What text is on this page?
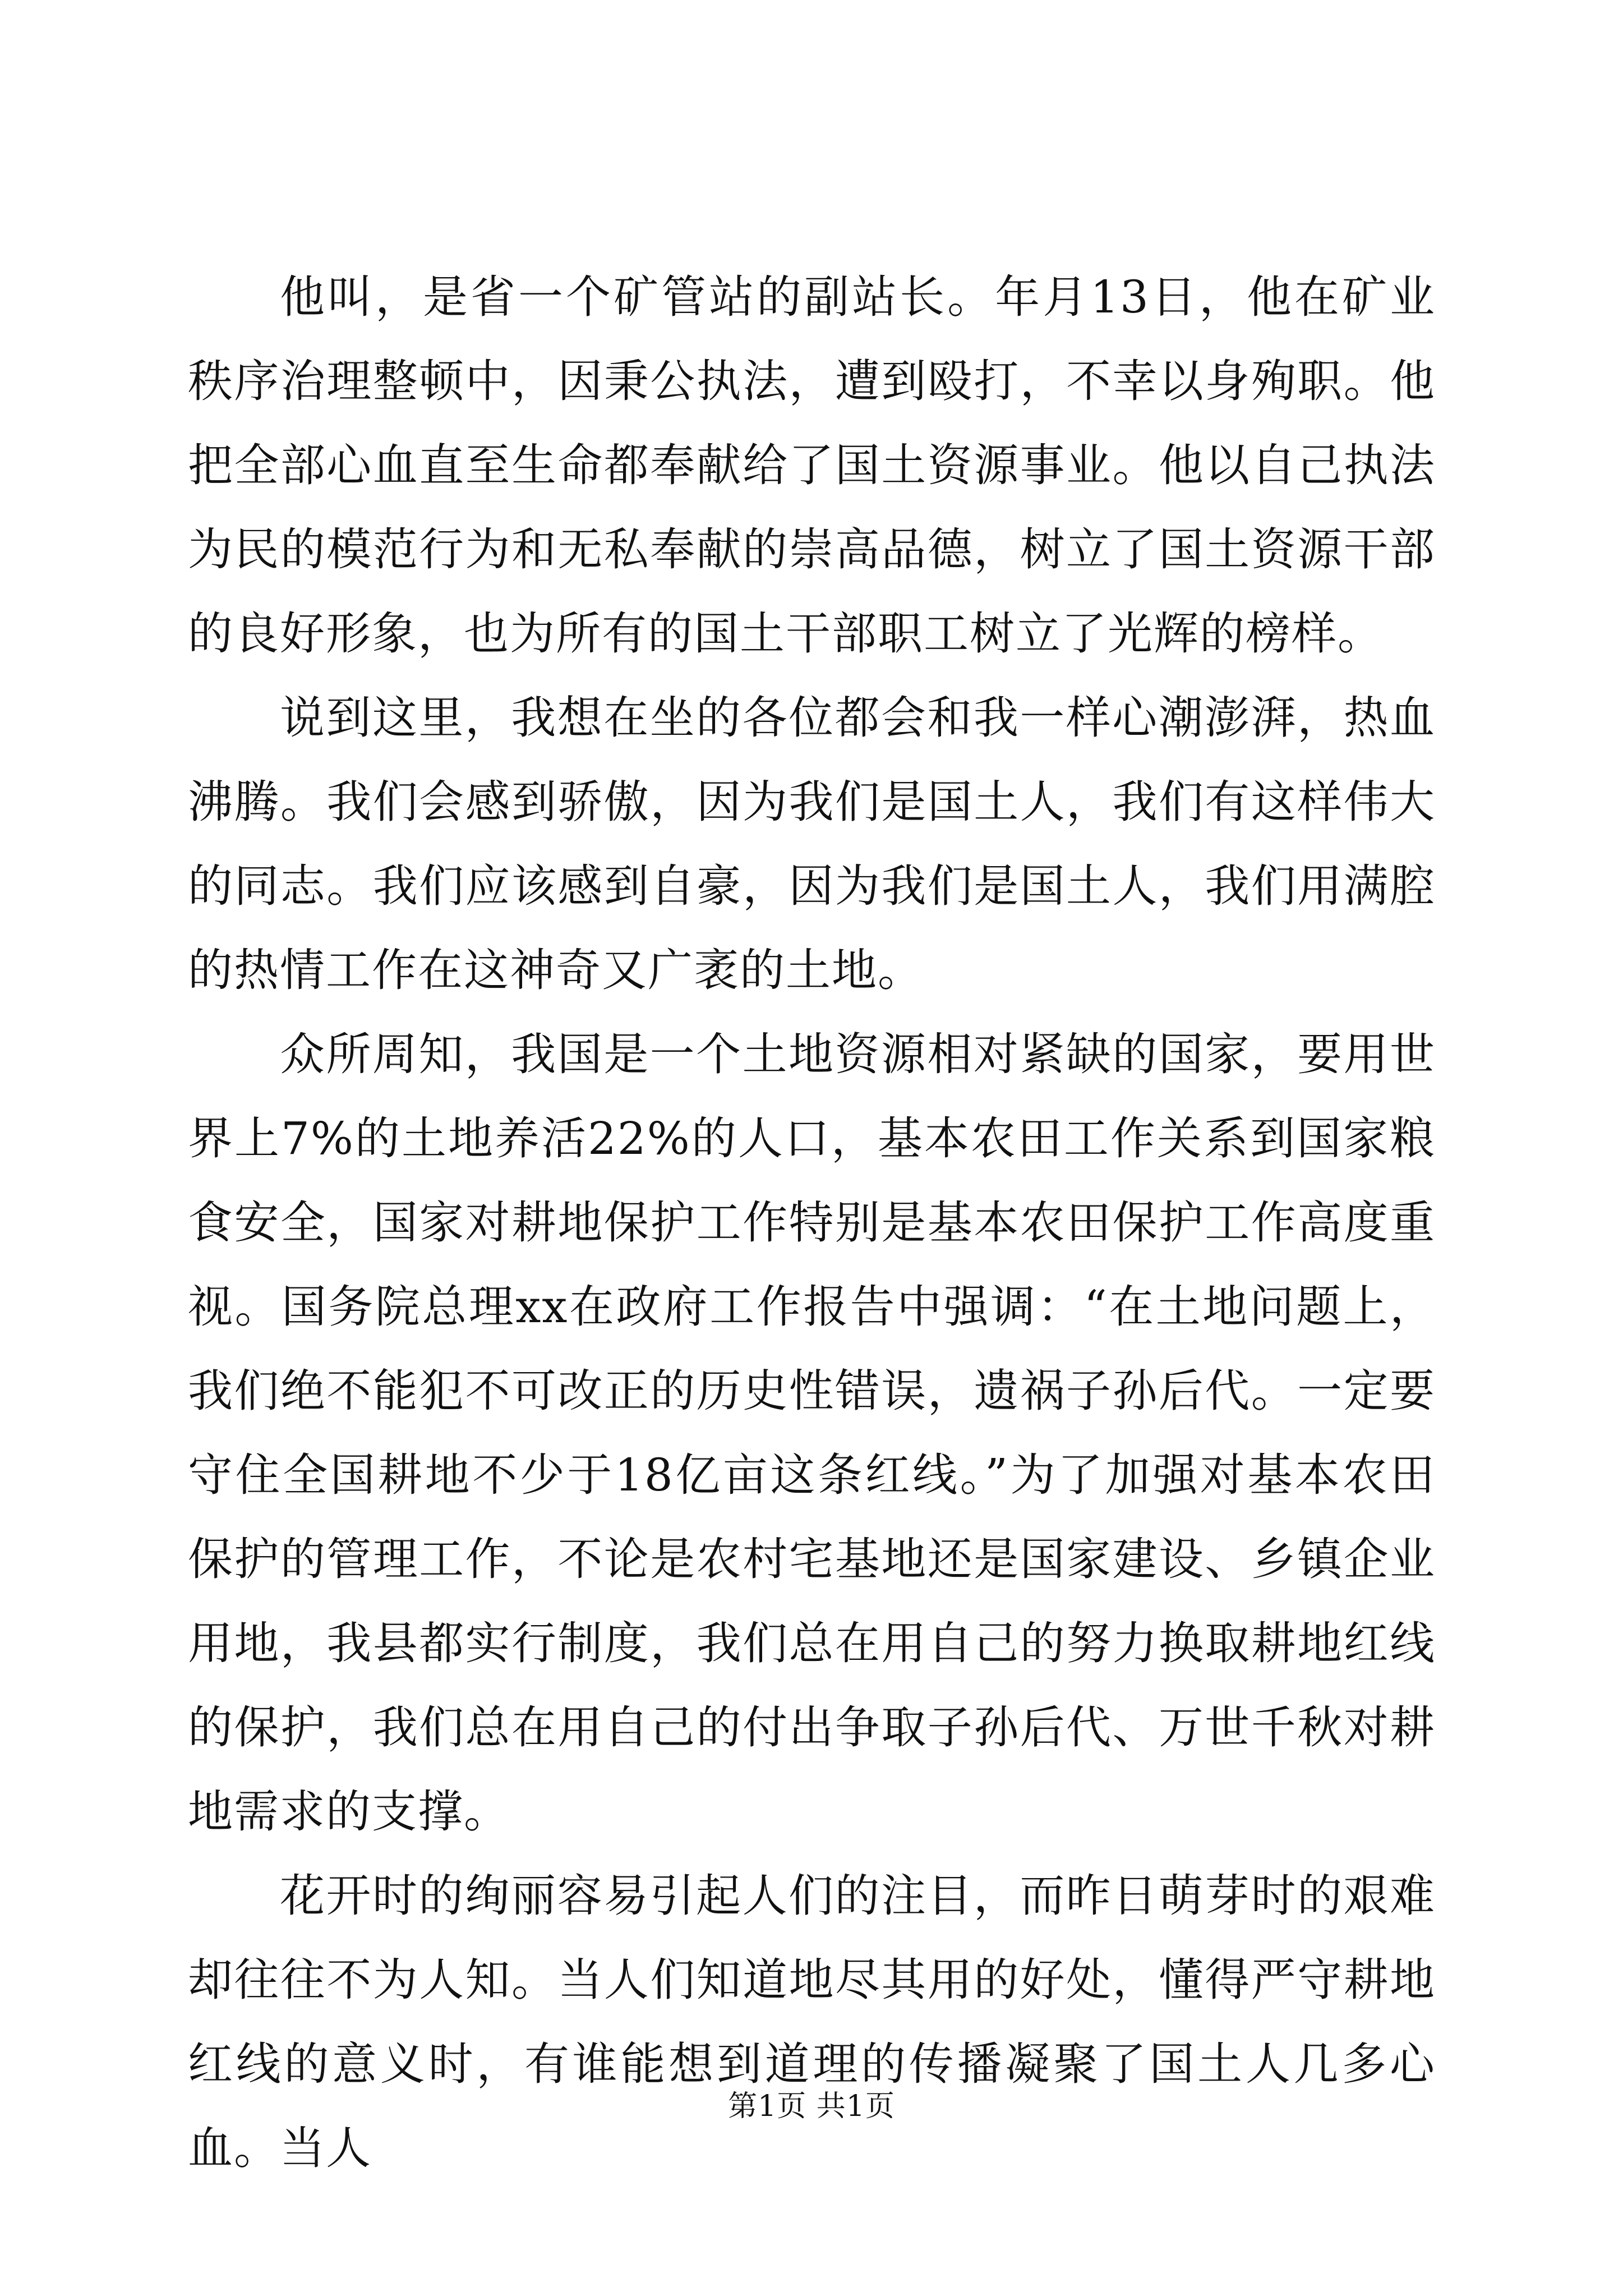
他叫，是省一个矿管站的副站长。年月13日，他在矿业秩序治理整顿中，因秉公执法，遭到殴打，不幸以身殉职。他把全部心血直至生命都奉献给了国土资源事业。他以自己执法为民的模范行为和无私奉献的崇高品德，树立了国土资源干部的良好形象，也为所有的国土干部职工树立了光辉的榜样。

说到这里，我想在坐的各位都会和我一样心潮澎湃，热血沸腾。我们会感到骄傲，因为我们是国土人，我们有这样伟大的同志。我们应该感到自豪，因为我们是国土人，我们用满腔的热情工作在这神奇又广袤的土地。

众所周知，我国是一个土地资源相对紧缺的国家，要用世界上7%的土地养活22%的人口，基本农田工作关系到国家粮食安全，国家对耕地保护工作特别是基本农田保护工作高度重视。国务院总理xx在政府工作报告中强调：“在土地问题上，我们绝不能犯不可改正的历史性错误，遗祸子孙后代。一定要守住全国耕地不少于18亿亩这条红线。”为了加强对基本农田保护的管理工作，不论是农村宅基地还是国家建设、乡镇企业用地，我县都实行制度，我们总在用自己的努力换取耕地红线的保护，我们总在用自己的付出争取子孙后代、万世千秋对耕地需求的支撑。

花开时的绚丽容易引起人们的注目，而昨日萌芽时的艰难却往往不为人知。当人们知道地尽其用的好处，懂得严守耕地红线的意义时，有谁能想到道理的传播凝聚了国土人几多心血。当人

第1页 共1页
